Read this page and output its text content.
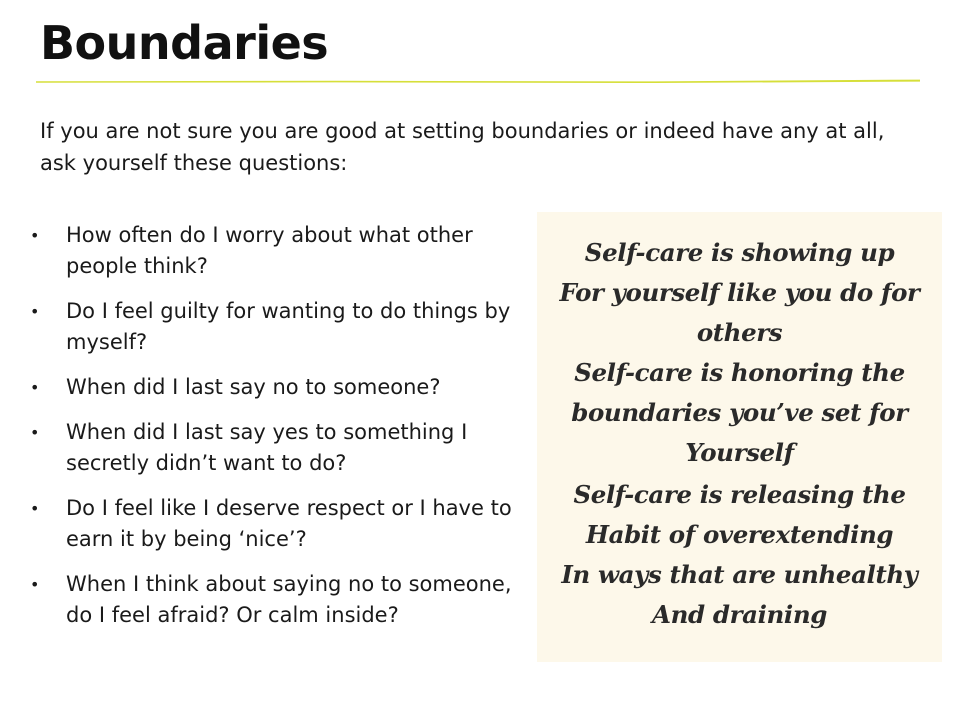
Boundaries
If you are not sure you are good at setting boundaries or indeed have any at all, ask yourself these questions:
•	How often do I worry about what other people think?
•	Do I feel guilty for wanting to do things by myself?
•	When did I last say no to someone?
•	When did I last say yes to something I secretly didn’t want to do?
•	Do I feel like I deserve respect or I have to earn it by being ‘nice’?
•	When I think about saying no to someone, do I feel afraid? Or calm inside?
Self-care is showing up
For yourself like you do for
others
Self-care is honoring the
boundaries you’ve set for
Yourself
Self-care is releasing the
Habit of overextending
In ways that are unhealthy
And draining
